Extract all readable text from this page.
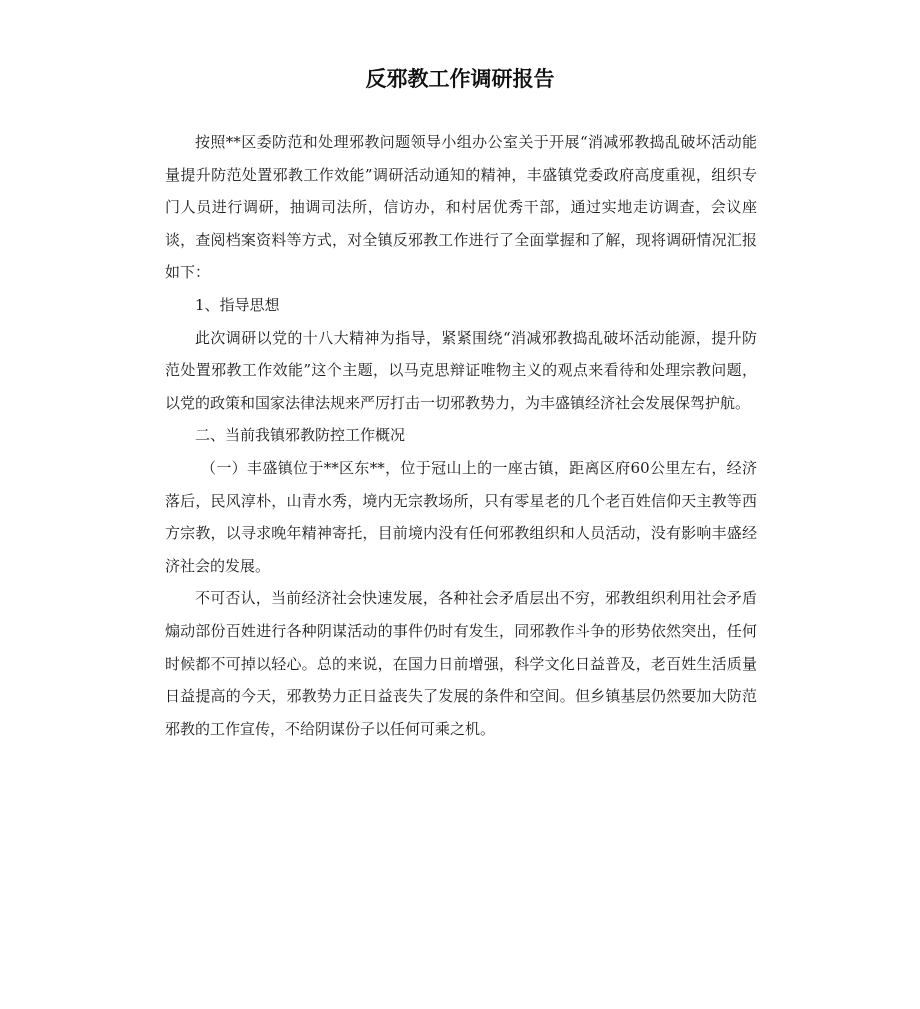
反邪教工作调研报告

按照**区委防范和处理邪教问题领导小组办公室关于开展“消减邪教捣乱破坏活动能量提升防范处置邪教工作效能”调研活动通知的精神，丰盛镇党委政府高度重视，组织专门人员进行调研，抽调司法所，信访办，和村居优秀干部，通过实地走访调查，会议座谈，查阅档案资料等方式，对全镇反邪教工作进行了全面掌握和了解，现将调研情况汇报如下：

1、指导思想

此次调研以党的十八大精神为指导，紧紧围绕“消减邪教捣乱破坏活动能源，提升防范处置邪教工作效能”这个主题，以马克思辩证唯物主义的观点来看待和处理宗教问题，以党的政策和国家法律法规来严厉打击一切邪教势力，为丰盛镇经济社会发展保驾护航。

二、当前我镇邪教防控工作概况

（一）丰盛镇位于**区东**，位于冠山上的一座古镇，距离区府60公里左右，经济落后，民风淳朴，山青水秀，境内无宗教场所，只有零星老的几个老百姓信仰天主教等西方宗教，以寻求晚年精神寄托，目前境内没有任何邪教组织和人员活动，没有影响丰盛经济社会的发展。

不可否认，当前经济社会快速发展，各种社会矛盾层出不穷，邪教组织利用社会矛盾煽动部份百姓进行各种阴谋活动的事件仍时有发生，同邪教作斗争的形势依然突出，任何时候都不可掉以轻心。总的来说，在国力日前增强，科学文化日益普及，老百姓生活质量日益提高的今天，邪教势力正日益丧失了发展的条件和空间。但乡镇基层仍然要加大防范邪教的工作宣传，不给阴谋份子以任何可乘之机。
